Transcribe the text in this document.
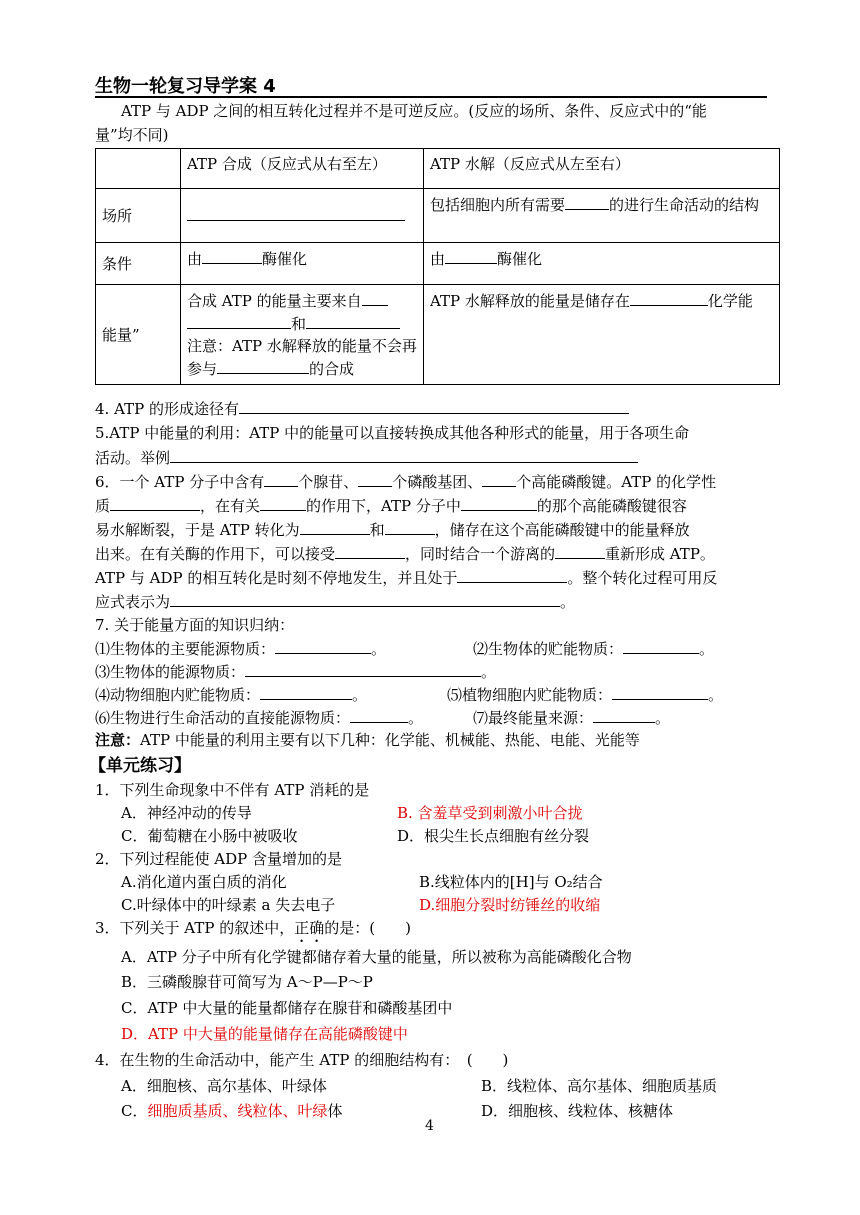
生物一轮复习导学案 4
ATP 与 ADP 之间的相互转化过程并不是可逆反应。(反应的场所、条件、反应式中的“能
量”均不同)
	ATP 合成（反应式从右至左）	ATP 水解（反应式从左至右）
场所		包括细胞内所有需要 的进行生命活动的结构
条件	由 酶催化	由 酶催化
能量”	合成 ATP 的能量主要来自
和
注意：ATP 水解释放的能量不会再参与 的合成	ATP 水解释放的能量是储存在 化学能
4. ATP 的形成途径有
5.ATP 中能量的利用：ATP 中的能量可以直接转换成其他各种形式的能量，用于各项生命
活动。举例
6．一个 ATP 分子中含有 个腺苷、 个磷酸基团、 个高能磷酸键。ATP 的化学性
质	，在有关	的作用下，ATP 分子中	的那个高能磷酸键很容
易水解断裂，于是 ATP 转化为	和	，储存在这个高能磷酸键中的能量释放
出来。在有关酶的作用下，可以接受	，同时结合一个游离的	重新形成 ATP。
ATP 与 ADP 的相互转化是时刻不停地发生，并且处于	。整个转化过程可用反
应式表示为	。
7. 关于能量方面的知识归纳：
⑴生物体的主要能源物质：	。	⑵生物体的贮能物质：	。
⑶生物体的能源物质：	。
⑷动物细胞内贮能物质：	。	⑸植物细胞内贮能物质：	。
⑹生物进行生命活动的直接能源物质：	。	⑺最终能量来源：	。
注意：ATP 中能量的利用主要有以下几种：化学能、机械能、热能、电能、光能等
【单元练习】
1．下列生命现象中不伴有 ATP 消耗的是
A．神经冲动的传导	B. 含羞草受到刺激小叶合拢
C．葡萄糖在小肠中被吸收	D．根尖生长点细胞有丝分裂
2．下列过程能使 ADP 含量增加的是
A.消化道内蛋白质的消化	B.线粒体内的[H]与 O₂结合
C.叶绿体中的叶绿素 a 失去电子	D.细胞分裂时纺锤丝的收缩
3．下列关于 ATP 的叙述中，正确的是：(　　)
A．ATP 分子中所有化学键都储存着大量的能量，所以被称为高能磷酸化合物
B．三磷酸腺苷可简写为 A～P—P～P
C．ATP 中大量的能量都储存在腺苷和磷酸基团中
D．ATP 中大量的能量储存在高能磷酸键中
4．在生物的生命活动中，能产生 ATP 的细胞结构有：　(　　)
A．细胞核、高尔基体、叶绿体	B．线粒体、高尔基体、细胞质基质
C．细胞质基质、线粒体、叶绿体	D．细胞核、线粒体、核糖体
4
